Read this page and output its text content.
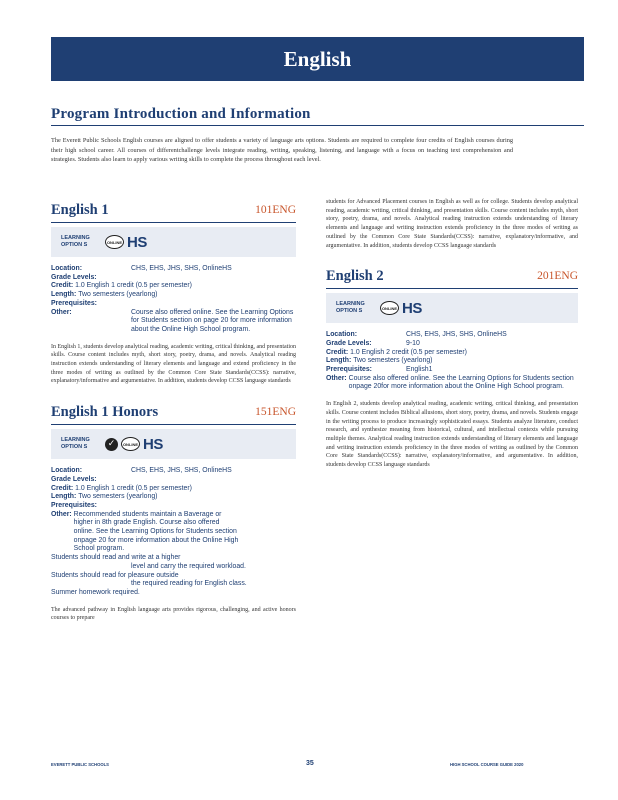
English
Program Introduction and Information

The Everett Public Schools English courses are aligned to offer students a variety of language arts options. Students are required to complete four credits of English courses during their high school career. All courses of differentchallenge levels integrate reading, writing, speaking, listening, and language with a focus on teaching text comprehension and strategies. Students also learn to apply various writing skills to complete the process throughout each level.

English 1	101ENG
LEARNING
OPTION S	ONLINE HS
Location:	CHS, EHS, JHS, SHS, OnlineHS
Grade Levels:
Credit:
1.0 English 1 credit (0.5 per semester)
Length:
Two semesters (yearlong)
Prerequisites:
Other:	Course also offered online. See the Learning Options for Students section on page 20 for more information about the Online High School program.

In English 1, students develop analytical reading, academic writing, critical thinking, and presentation skills. Course content includes myth, short story, poetry, drama, and novels. Analytical reading instruction extends understanding of literary elements and language and extend proficiency in the three modes of writing as outlined by the Common Core State Standards(CCSS): narrative, explanatory/informative and argumentative. In addition, students develop CCSS language standards

English 1 Honors	151ENG
LEARNING
OPTION S	✓	ONLINE HS
Location:	CHS, EHS, JHS, SHS, OnlineHS
Grade Levels:
Credit:
1.0 English 1 credit (0.5 per semester)
Length:
Two semesters (yearlong)
Prerequisites:
Other:
Recommended students maintain a Baverage or higher in 8th grade English. Course also offered online. See the Learning Options for Students section onpage 20 for more information about the Online High School program.
Students should read and write at a higher
level and carry the required workload.
Students should read for pleasure outside
the required reading for English class.
Summer homework required.

The advanced pathway in English language arts provides rigorous, challenging, and active honors courses to prepare

students for Advanced Placement courses in English as well as for college. Students develop analytical reading, academic writing, critical thinking, and presentation skills. Course content includes myth, short story, poetry, drama, and novels. Analytical reading instruction extends understanding of literary elements and language and writing instruction extends proficiency in the three modes of writing as outlined by the Common Core State Standards(CCSS): narrative, explanatory/informative, and argumentative. In addition, students develop CCSS language standards

English 2	201ENG
LEARNING
OPTION S	ONLINE HS
Location:	CHS, EHS, JHS, SHS, OnlineHS
Grade Levels:	9-10
Credit:
1.0 English 2 credit (0.5 per semester)
Length:
Two semesters (yearlong)
Prerequisites:	English1
Other:
Course also offered online. See the Learning Options for Students section onpage 20for more information about the Online High School program.

In English 2, students develop analytical reading, academic writing, critical thinking, and presentation skills. Course content includes Biblical allusions, short story, poetry, drama, and novels. Students engage in the writing process to produce increasingly sophisticated essays. Students analyze literature, conduct research, and synthesize meaning from historical, cultural, and intellectual contexts while pursuing multiple themes. Analytical reading instruction extends understanding of literary elements and language and writing instruction extends proficiency in the three modes of writing as outlined by the Common Core State Standards(CCSS): narrative, explanatory/informative, and argumentative. In addition, students develop CCSS language standards

EVERETT PUBLIC SCHOOLS	35	HIGH SCHOOL COURSE GUIDE 2020
